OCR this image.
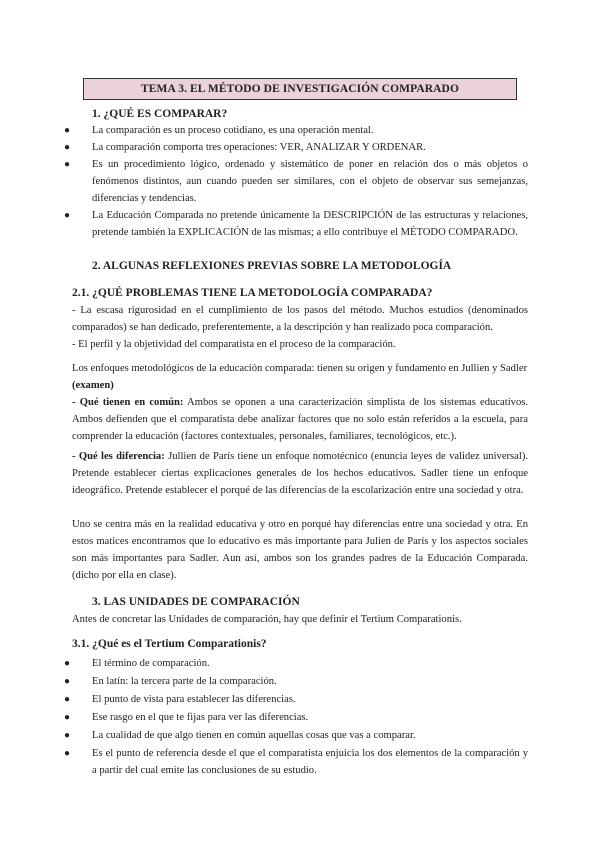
TEMA 3. EL MÉTODO DE INVESTIGACIÓN COMPARADO
1. ¿QUÉ ES COMPARAR?
● La comparación es un proceso cotidiano, es una operación mental.
● La comparación comporta tres operaciones: VER, ANALIZAR Y ORDENAR.
● Es un procedimiento lógico, ordenado y sistemático de poner en relación dos o más objetos o fenómenos distintos, aun cuando pueden ser similares, con el objeto de observar sus semejanzas, diferencias y tendencias.
● La Educación Comparada no pretende únicamente la DESCRIPCIÓN de las estructuras y relaciones, pretende también la EXPLICACIÓN de las mismas; a ello contribuye el MÉTODO COMPARADO.
2. ALGUNAS REFLEXIONES PREVIAS SOBRE LA METODOLOGÍA
2.1. ¿QUÉ PROBLEMAS TIENE LA METODOLOGÍA COMPARADA?
- La escasa rigurosidad en el cumplimiento de los pasos del método. Muchos estudios (denominados comparados) se han dedicado, preferentemente, a la descripción y han realizado poca comparación.
- El perfil y la objetividad del comparatista en el proceso de la comparación.
Los enfoques metodológicos de la educación comparada: tienen su origen y fundamento en Jullien y Sadler (examen)
- Qué tienen en común: Ambos se oponen a una caracterización simplista de los sistemas educativos. Ambos defienden que el comparatista debe analizar factores que no solo están referidos a la escuela, para comprender la educación (factores contextuales, personales, familiares, tecnológicos, etc.).
- Qué les diferencia: Jullien de París tiene un enfoque nomotécnico (enuncia leyes de validez universal). Pretende establecer ciertas explicaciones generales de los hechos educativos. Sadler tiene un enfoque ideográfico. Pretende establecer el porqué de las diferencias de la escolarización entre una sociedad y otra.
Uno se centra más en la realidad educativa y otro en porqué hay diferencias entre una sociedad y otra. En estos matices encontramos que lo educativo es más importante para Julien de París y los aspectos sociales son más importantes para Sadler. Aun así, ambos son los grandes padres de la Educación Comparada. (dicho por ella en clase).
3. LAS UNIDADES DE COMPARACIÓN
Antes de concretar las Unidades de comparación, hay que definir el Tertium Comparationis.
3.1. ¿Qué es el Tertium Comparationis?
● El término de comparación.
● En latín: la tercera parte de la comparación.
● El punto de vista para establecer las diferencias.
● Ese rasgo en el que te fijas para ver las diferencias.
● La cualidad de que algo tienen en común aquellas cosas que vas a comparar.
● Es el punto de referencia desde el que el comparatista enjuicia los dos elementos de la comparación y a partir del cual emite las conclusiones de su estudio.
